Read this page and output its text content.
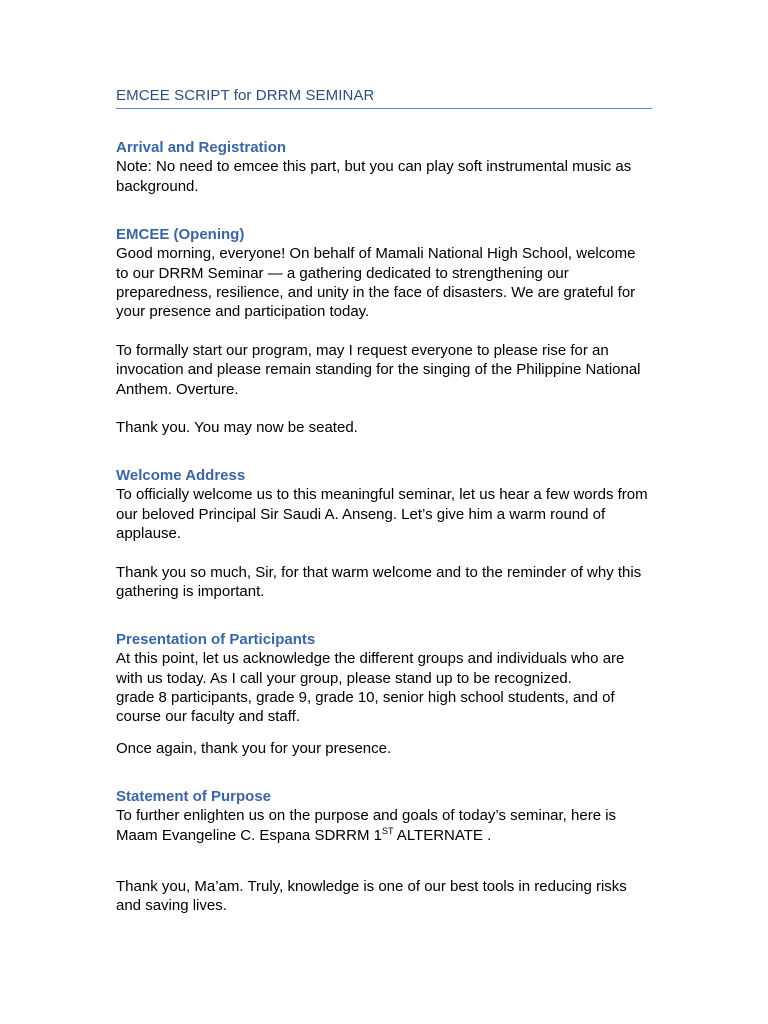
EMCEE SCRIPT for DRRM SEMINAR

Arrival and Registration

Note: No need to emcee this part, but you can play soft instrumental music as background.

EMCEE (Opening)

Good morning, everyone! On behalf of Mamali National High School, welcome to our DRRM Seminar — a gathering dedicated to strengthening our preparedness, resilience, and unity in the face of disasters. We are grateful for your presence and participation today.

To formally start our program, may I request everyone to please rise for an invocation and please remain standing for the singing of the Philippine National Anthem. Overture.

Thank you. You may now be seated.

Welcome Address

To officially welcome us to this meaningful seminar, let us hear a few words from our beloved Principal Sir Saudi A. Anseng. Let’s give him a warm round of applause.

Thank you so much, Sir, for that warm welcome and to the reminder of why this gathering is important.

Presentation of Participants

At this point, let us acknowledge the different groups and individuals who are with us today. As I call your group, please stand up to be recognized.

grade 8 participants, grade 9, grade 10, senior high school students, and of course our faculty and staff.

Once again, thank you for your presence.

Statement of Purpose

To further enlighten us on the purpose and goals of today’s seminar, here is Maam Evangeline C. Espana SDRRM 1ST ALTERNATE .

Thank you, Ma’am. Truly, knowledge is one of our best tools in reducing risks and saving lives.
